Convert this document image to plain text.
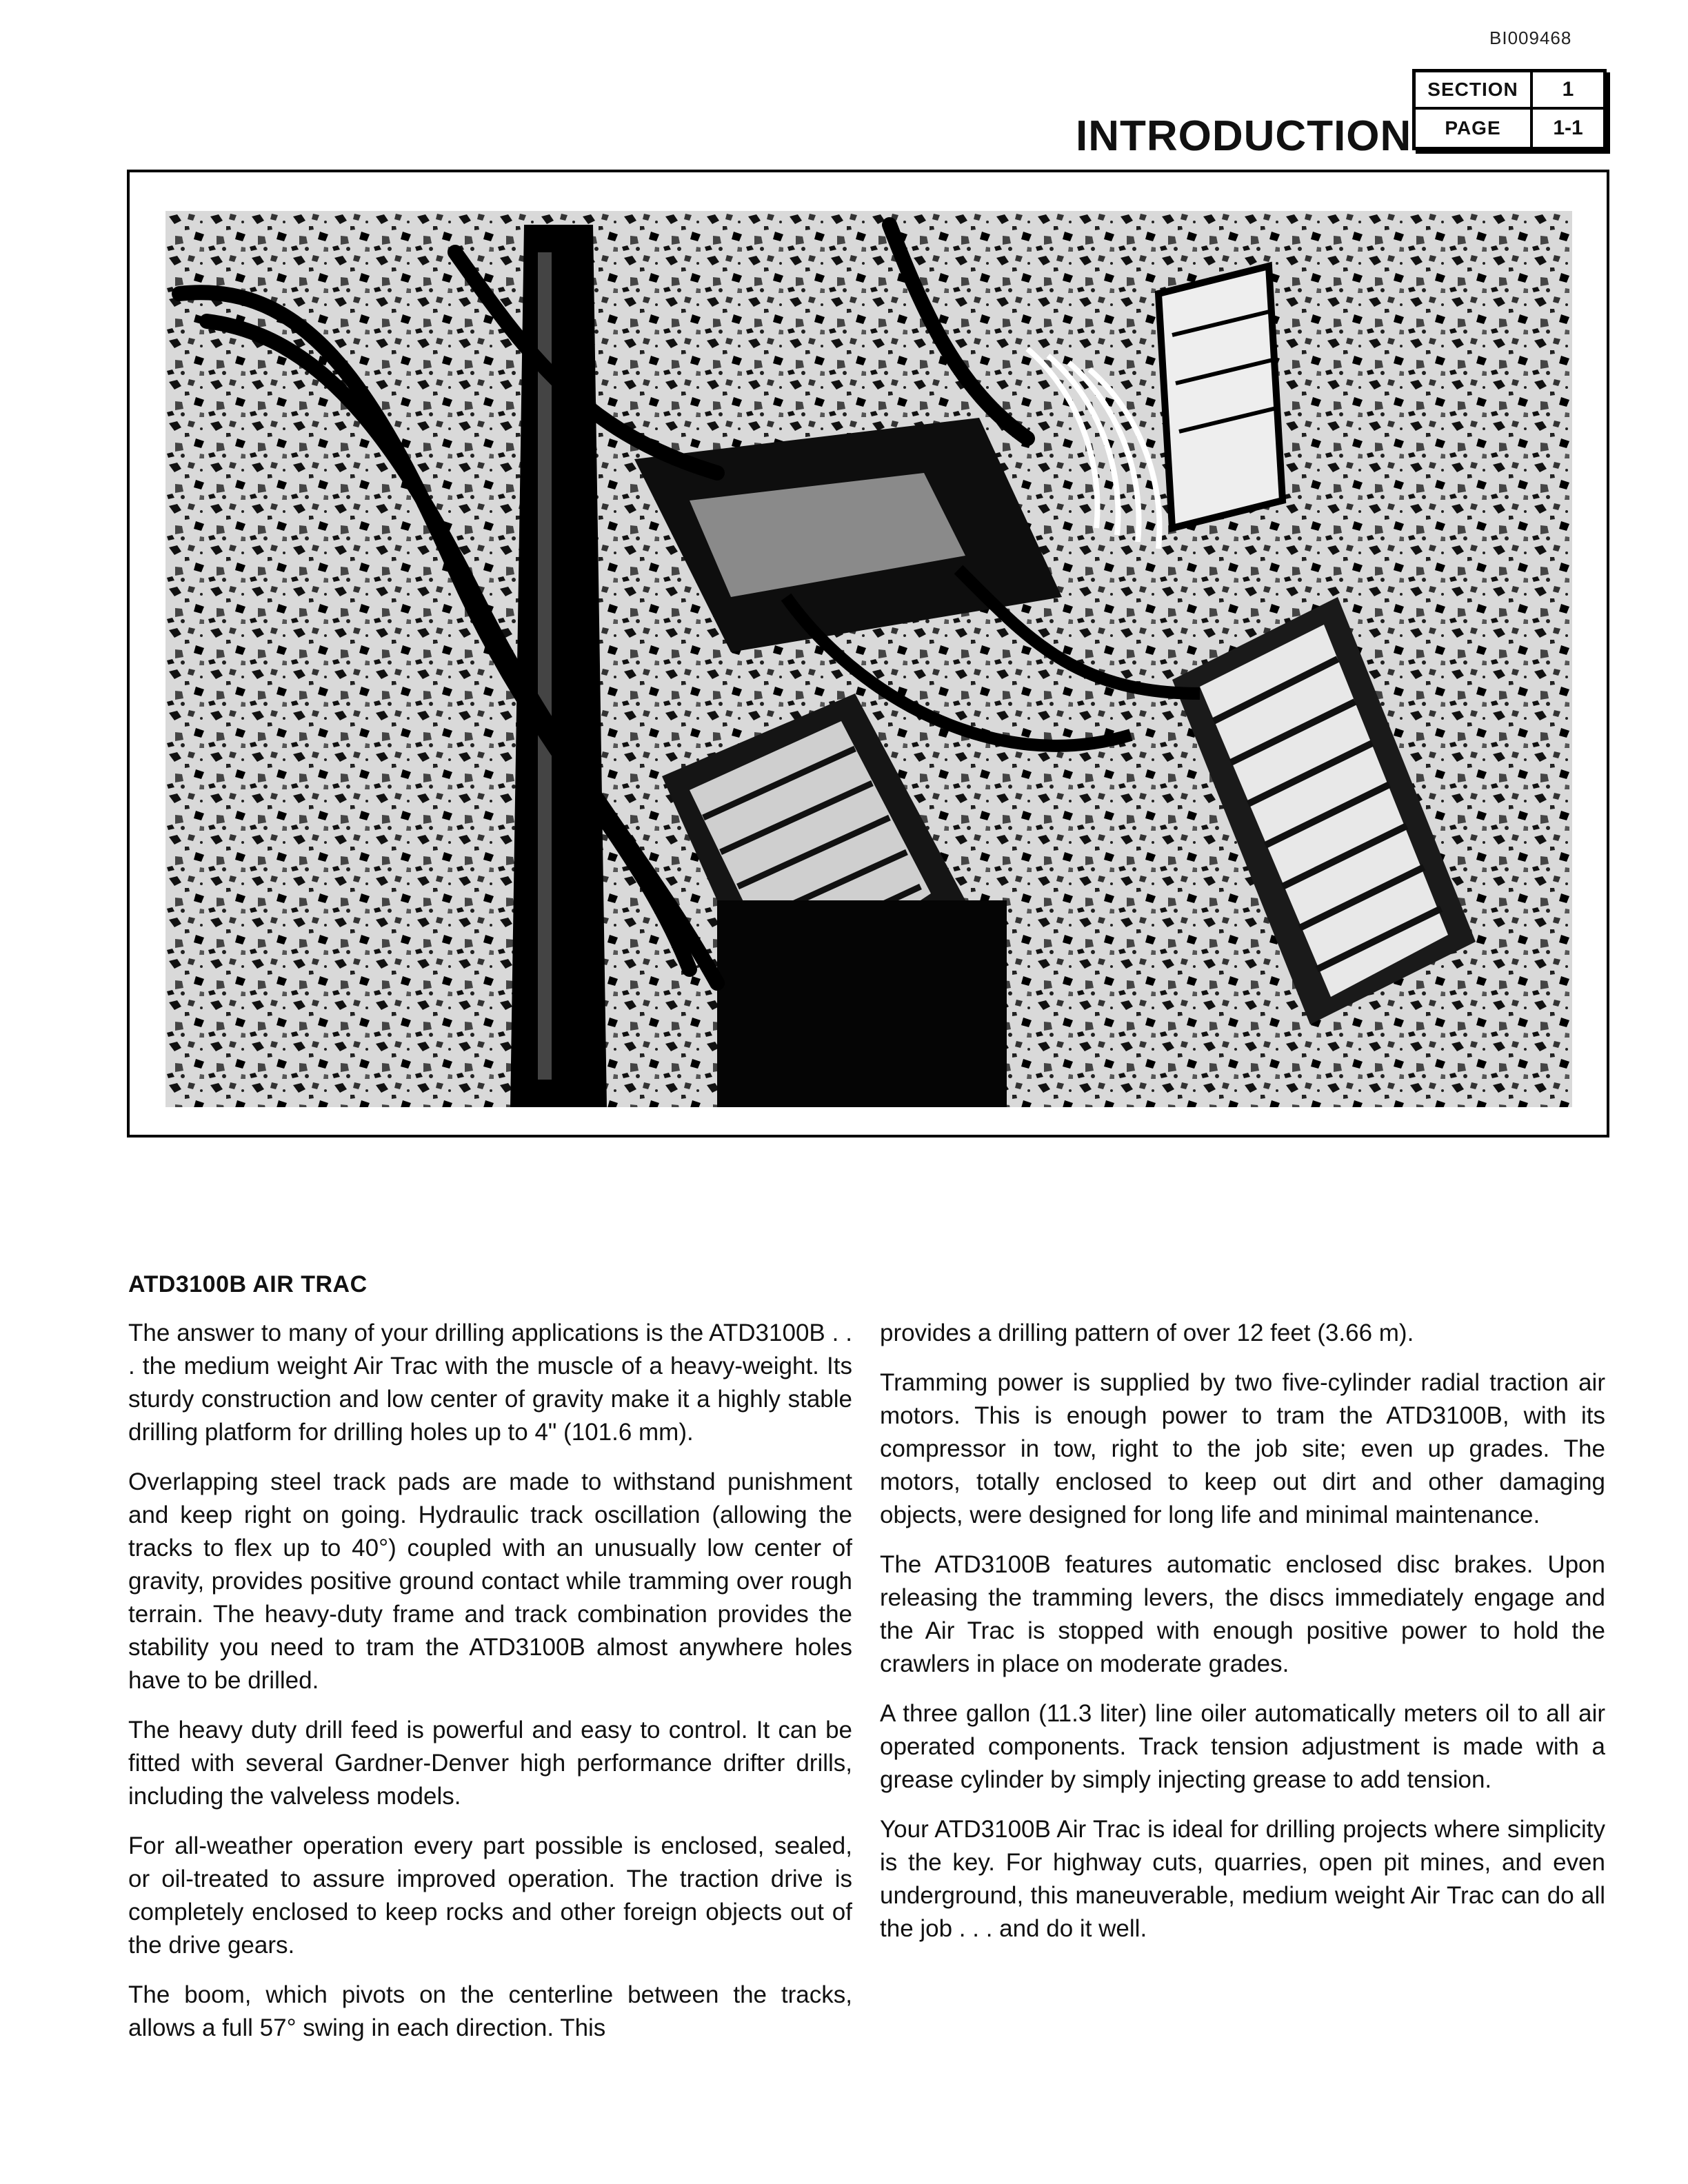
BI009468
INTRODUCTION
SECTION	1
PAGE	1-1
ATD3100B AIR TRAC

The answer to many of your drilling applications is the ATD3100B . . . the medium weight Air Trac with the muscle of a heavy-weight. Its sturdy construction and low center of gravity make it a highly stable drilling platform for drilling holes up to 4" (101.6 mm).

Overlapping steel track pads are made to withstand punishment and keep right on going. Hydraulic track oscillation (allowing the tracks to flex up to 40°) coupled with an unusually low center of gravity, provides positive ground contact while tramming over rough terrain. The heavy-duty frame and track combination provides the stability you need to tram the ATD3100B almost anywhere holes have to be drilled.

The heavy duty drill feed is powerful and easy to control. It can be fitted with several Gardner-Denver high performance drifter drills, including the valveless models.

For all-weather operation every part possible is enclosed, sealed, or oil-treated to assure improved operation. The traction drive is completely enclosed to keep rocks and other foreign objects out of the drive gears.

The boom, which pivots on the centerline between the tracks, allows a full 57° swing in each direction. This

provides a drilling pattern of over 12 feet (3.66 m).

Tramming power is supplied by two five-cylinder radial traction air motors. This is enough power to tram the ATD3100B, with its compressor in tow, right to the job site; even up grades. The motors, totally enclosed to keep out dirt and other damaging objects, were designed for long life and minimal maintenance.

The ATD3100B features automatic enclosed disc brakes. Upon releasing the tramming levers, the discs immediately engage and the Air Trac is stopped with enough positive power to hold the crawlers in place on moderate grades.

A three gallon (11.3 liter) line oiler automatically meters oil to all air operated components. Track tension adjustment is made with a grease cylinder by simply injecting grease to add tension.

Your ATD3100B Air Trac is ideal for drilling projects where simplicity is the key. For highway cuts, quarries, open pit mines, and even underground, this maneuverable, medium weight Air Trac can do all the job . . . and do it well.
